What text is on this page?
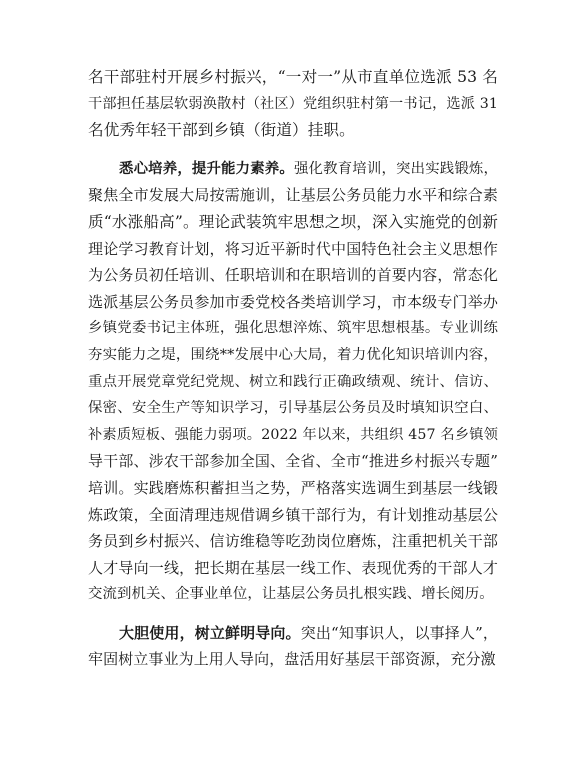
名干部驻村开展乡村振兴，“一对一”从市直单位选派 53 名
干部担任基层软弱涣散村（社区）党组织驻村第一书记，选派 31
名优秀年轻干部到乡镇（街道）挂职。
悉心培养，提升能力素养。强化教育培训，突出实践锻炼，
聚焦全市发展大局按需施训，让基层公务员能力水平和综合素
质“水涨船高”。理论武装筑牢思想之坝，深入实施党的创新
理论学习教育计划，将习近平新时代中国特色社会主义思想作
为公务员初任培训、任职培训和在职培训的首要内容，常态化
选派基层公务员参加市委党校各类培训学习，市本级专门举办
乡镇党委书记主体班，强化思想淬炼、筑牢思想根基。专业训练
夯实能力之堤，围绕**发展中心大局，着力优化知识培训内容，
重点开展党章党纪党规、树立和践行正确政绩观、统计、信访、
保密、安全生产等知识学习，引导基层公务员及时填知识空白、
补素质短板、强能力弱项。2022 年以来，共组织 457 名乡镇领
导干部、涉农干部参加全国、全省、全市“推进乡村振兴专题”
培训。实践磨炼积蓄担当之势，严格落实选调生到基层一线锻
炼政策，全面清理违规借调乡镇干部行为，有计划推动基层公
务员到乡村振兴、信访维稳等吃劲岗位磨炼，注重把机关干部
人才导向一线，把长期在基层一线工作、表现优秀的干部人才
交流到机关、企事业单位，让基层公务员扎根实践、增长阅历。
大胆使用，树立鲜明导向。突出“知事识人，以事择人”，
牢固树立事业为上用人导向，盘活用好基层干部资源，充分激
